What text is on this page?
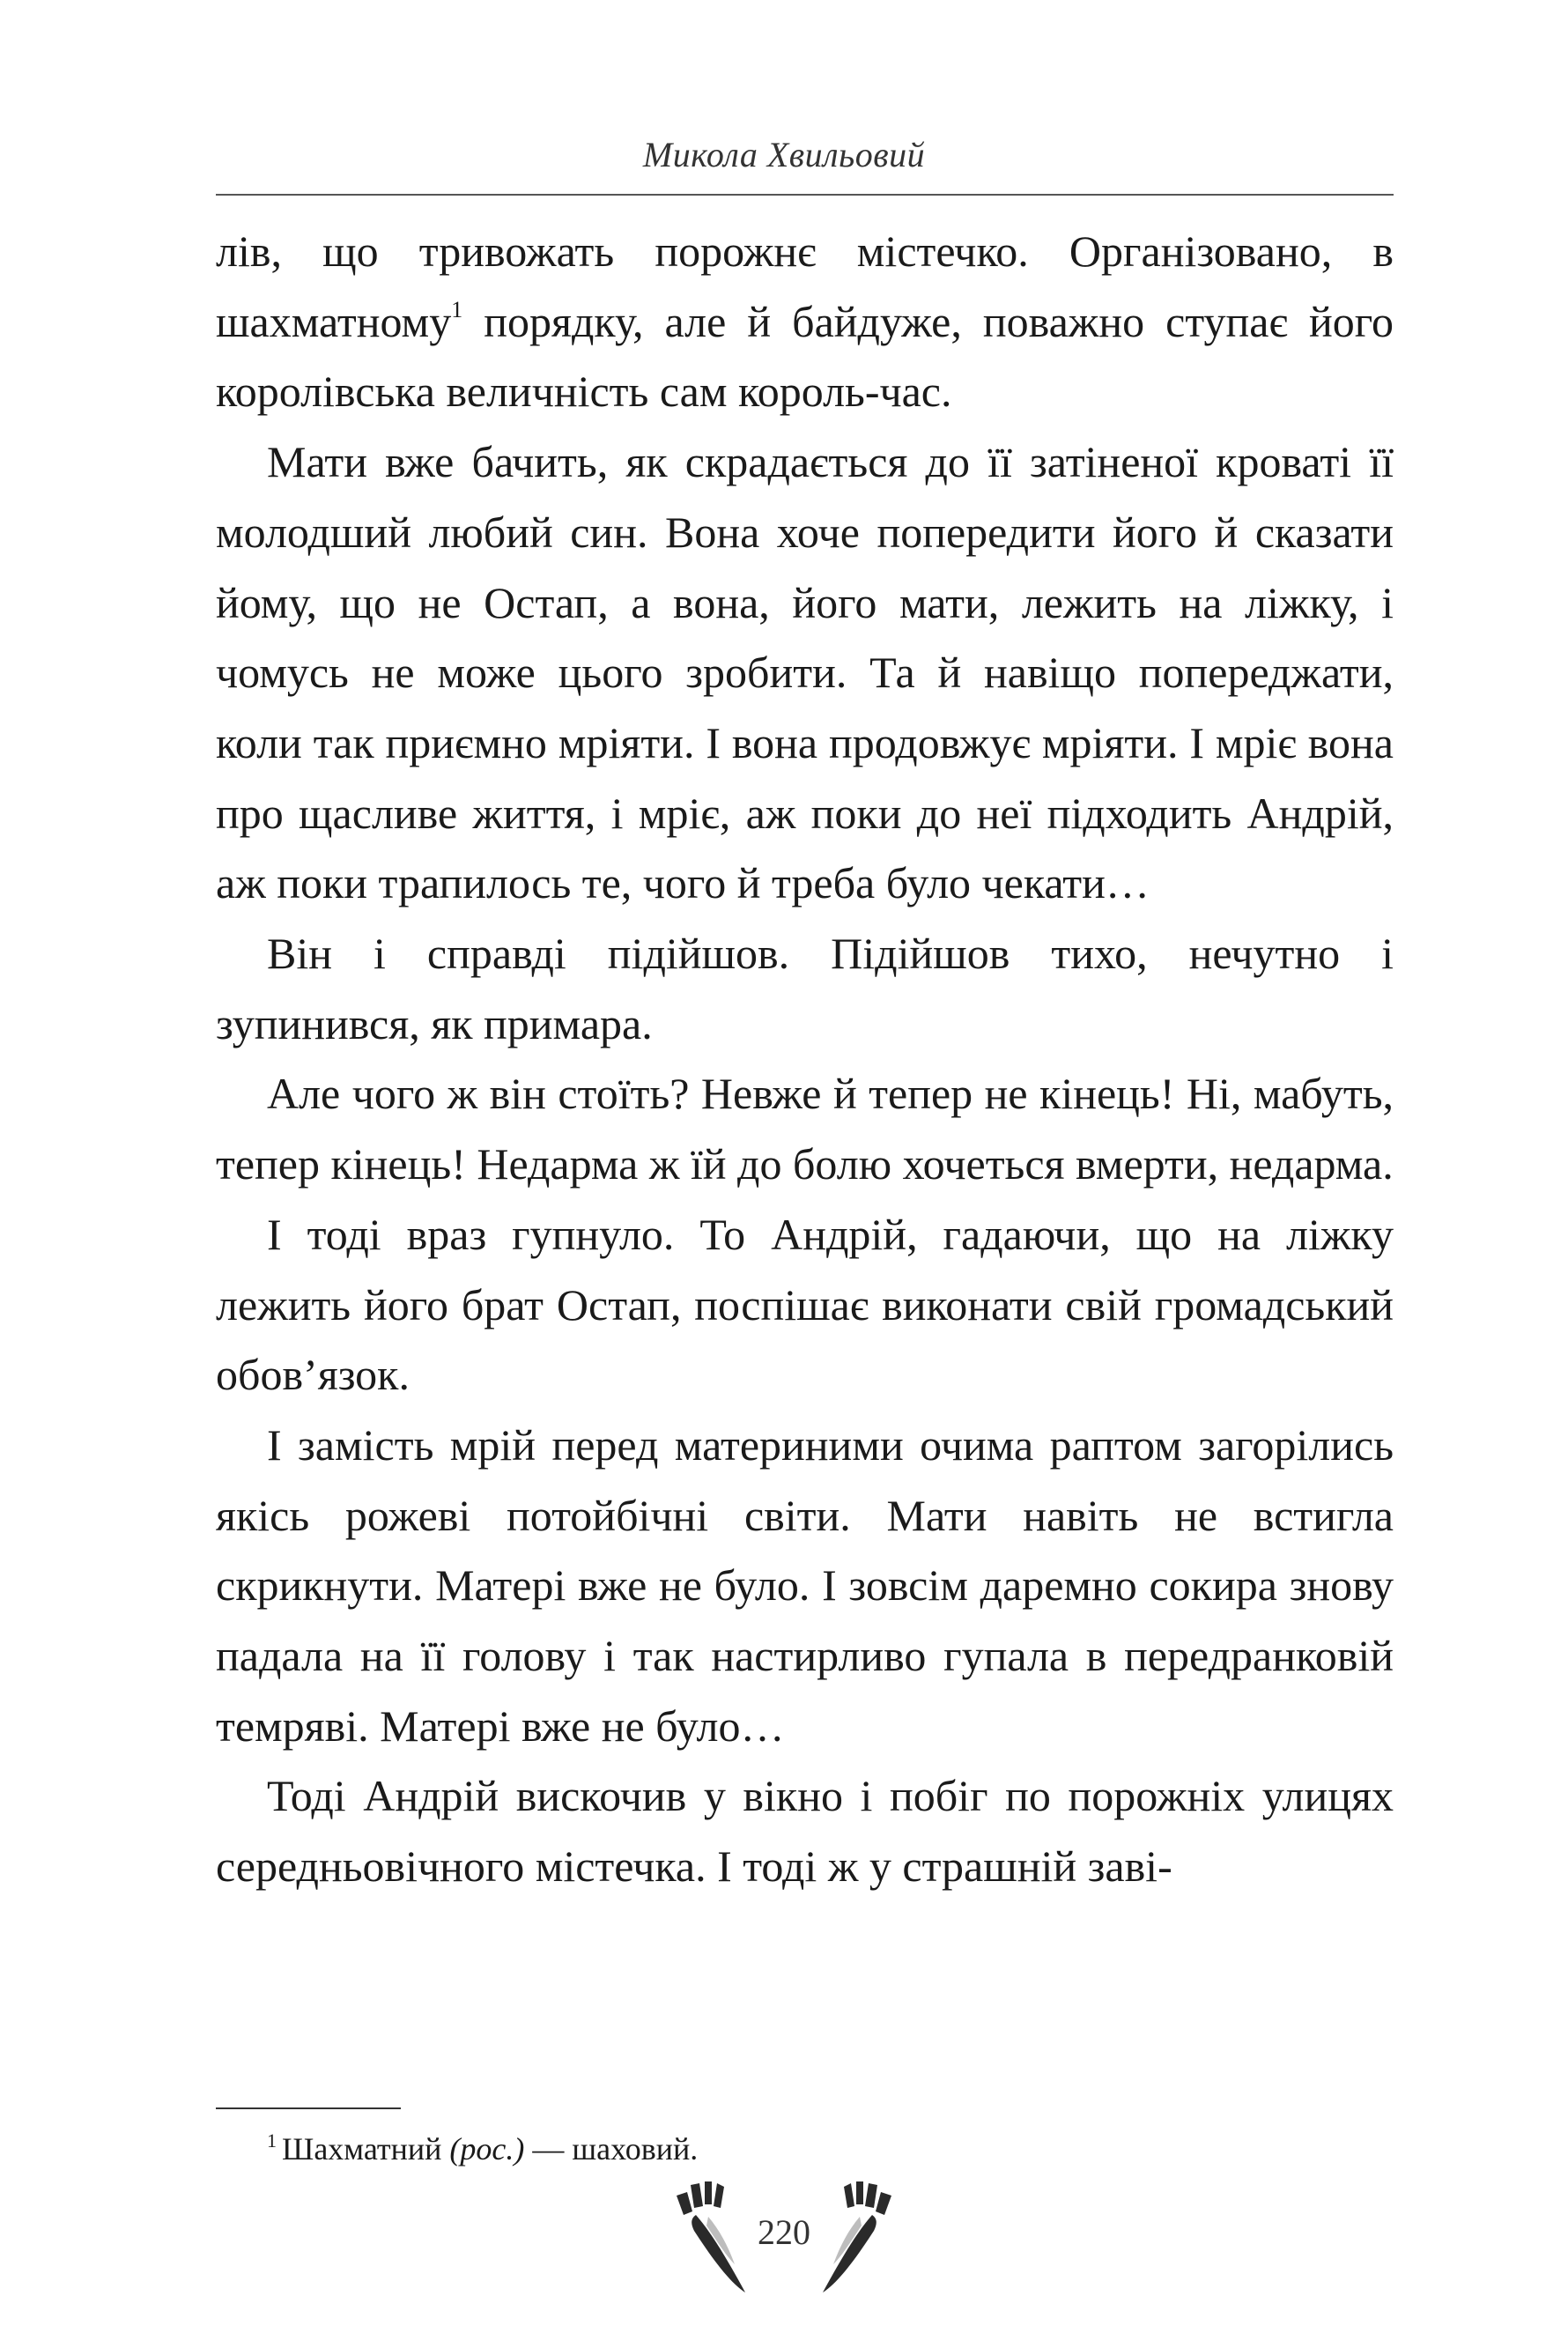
Микола Хвильовий

лів, що тривожать порожнє містечко. Організовано, в шахматному$^1$ порядку, але й байдуже, поважно ступає його королівська величність сам король-час.

Мати вже бачить, як скрадається до її затіненої кроваті її молодший любий син. Вона хоче попередити його й сказати йому, що не Остап, а вона, його мати, лежить на ліжку, і чомусь не може цього зробити. Та й навіщо попереджати, коли так приємно мріяти. І вона продовжує мріяти. І мріє вона про щасливе життя, і мріє, аж поки до неї підходить Андрій, аж поки трапилось те, чого й треба було чекати…

Він і справді підійшов. Підійшов тихо, нечутно і зупинився, як примара.

Але чого ж він стоїть? Невже й тепер не кінець! Ні, мабуть, тепер кінець! Недарма ж їй до болю хочеться вмерти, недарма.

І тоді враз гупнуло. То Андрій, гадаючи, що на ліжку лежить його брат Остап, поспішає виконати свій громадський обов’язок.

І замість мрій перед материними очима раптом загорілись якісь рожеві потойбічні світи. Мати навіть не встигла скрикнути. Матері вже не було. І зовсім даремно сокира знову падала на її голову і так настирливо гупала в передранковій темряві. Матері вже не було…

Тоді Андрій вискочив у вікно і побіг по порожніх улицях середньовічного містечка. І тоді ж у страшній заві-

$^1$ Шахматний (рос.) — шаховий.
220
